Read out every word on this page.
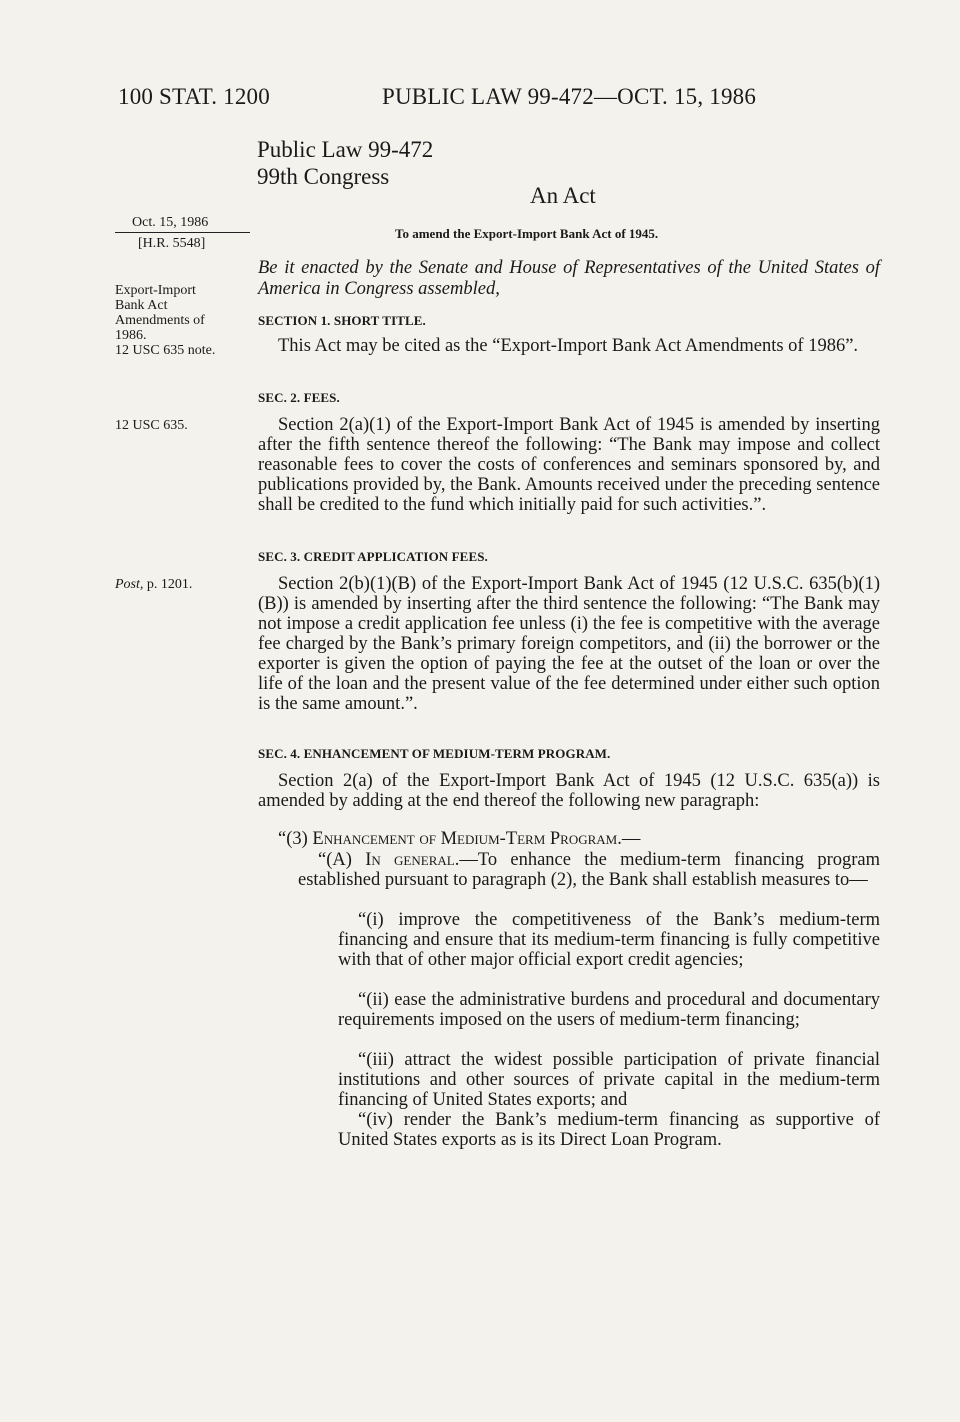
100 STAT. 1200	PUBLIC LAW 99-472—OCT. 15, 1986
Public Law 99-472
99th Congress
An Act
Oct. 15, 1986
[H.R. 5548]
To amend the Export-Import Bank Act of 1945.
Export-Import
Bank Act
Amendments of
1986.
12 USC 635 note.
12 USC 635.
Post, p. 1201.

Be it enacted by the Senate and House of Representatives of the United States of America in Congress assembled,

SECTION 1. SHORT TITLE.

This Act may be cited as the “Export-Import Bank Act Amendments of 1986”.

SEC. 2. FEES.

Section 2(a)(1) of the Export-Import Bank Act of 1945 is amended by inserting after the fifth sentence thereof the following: “The Bank may impose and collect reasonable fees to cover the costs of conferences and seminars sponsored by, and publications provided by, the Bank. Amounts received under the preceding sentence shall be credited to the fund which initially paid for such activities.”.

SEC. 3. CREDIT APPLICATION FEES.

Section 2(b)(1)(B) of the Export-Import Bank Act of 1945 (12 U.S.C. 635(b)(1)(B)) is amended by inserting after the third sentence the following: “The Bank may not impose a credit application fee unless (i) the fee is competitive with the average fee charged by the Bank’s primary foreign competitors, and (ii) the borrower or the exporter is given the option of paying the fee at the outset of the loan or over the life of the loan and the present value of the fee determined under either such option is the same amount.”.

SEC. 4. ENHANCEMENT OF MEDIUM-TERM PROGRAM.

Section 2(a) of the Export-Import Bank Act of 1945 (12 U.S.C. 635(a)) is amended by adding at the end thereof the following new paragraph:

“(3) Enhancement of Medium-Term Program.—

“(A) In general.—To enhance the medium-term financing program established pursuant to paragraph (2), the Bank shall establish measures to—

“(i) improve the competitiveness of the Bank’s medium-term financing and ensure that its medium-term financing is fully competitive with that of other major official export credit agencies;

“(ii) ease the administrative burdens and procedural and documentary requirements imposed on the users of medium-term financing;

“(iii) attract the widest possible participation of private financial institutions and other sources of private capital in the medium-term financing of United States exports; and

“(iv) render the Bank’s medium-term financing as supportive of United States exports as is its Direct Loan Program.
